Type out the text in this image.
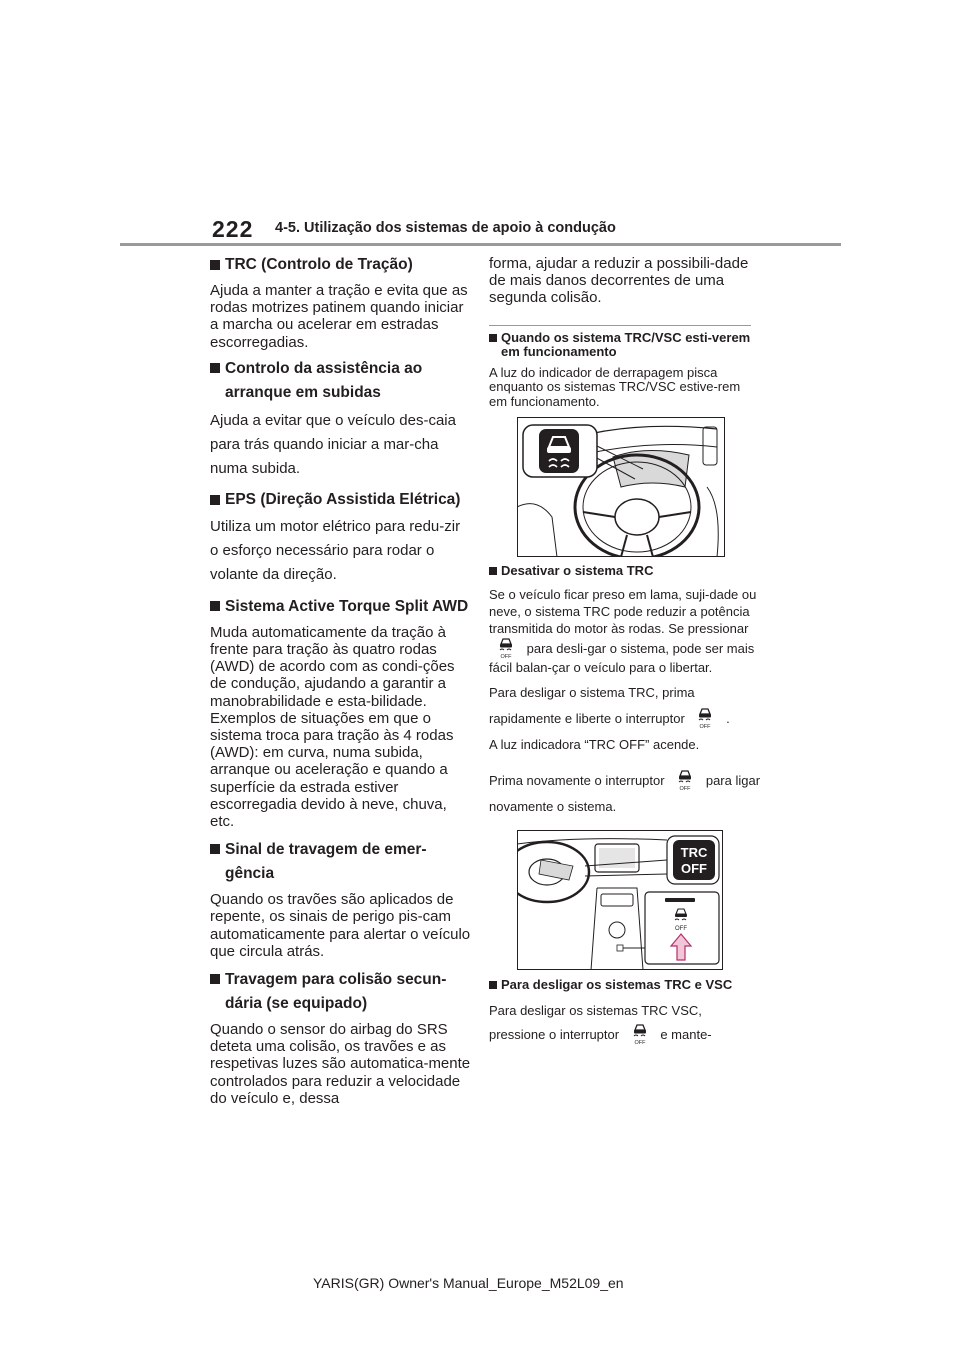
222 4-5. Utilização dos sistemas de apoio à condução

TRC (Controlo de Tração)

Ajuda a manter a tração e evita que as rodas motrizes patinem quando iniciar a marcha ou acelerar em estradas escorregadias.

Controlo da assistência ao arranque em subidas

Ajuda a evitar que o veículo des-caia para trás quando iniciar a mar-cha numa subida.

EPS (Direção Assistida Elétrica)

Utiliza um motor elétrico para redu-zir o esforço necessário para rodar o volante da direção.

Sistema Active Torque Split AWD

Muda automaticamente da tração à frente para tração às quatro rodas (AWD) de acordo com as condi-ções de condução, ajudando a garantir a manobrabilidade e esta-bilidade. Exemplos de situações em que o sistema troca para tração às 4 rodas (AWD): em curva, numa subida, arranque ou aceleração e quando a superfície da estrada estiver escorregadia devido à neve, chuva, etc.

Sinal de travagem de emer-gência

Quando os travões são aplicados de repente, os sinais de perigo pis-cam automaticamente para alertar o veículo que circula atrás.

Travagem para colisão secun-dária (se equipado)

Quando o sensor do airbag do SRS deteta uma colisão, os travões e as respetivas luzes são automatica-mente controlados para reduzir a velocidade do veículo e, dessa

forma, ajudar a reduzir a possibili-dade de mais danos decorrentes de uma segunda colisão.

Quando os sistema TRC/VSC esti-verem em funcionamento

A luz do indicador de derrapagem pisca enquanto os sistemas TRC/VSC estive-rem em funcionamento.

Desativar o sistema TRC

Se o veículo ficar preso em lama, suji-dade ou neve, o sistema TRC pode reduzir a potência transmitida do motor às rodas. Se pressionar
OFF
para desli-gar o sistema, pode ser mais fácil balan-çar o veículo para o libertar.

Para desligar o sistema TRC, prima rapidamente e liberte o interruptor
OFF
.

A luz indicadora “TRC OFF” acende.

Prima novamente o interruptor
OFF
para ligar novamente o sistema.

TRC
OFF
OFF

Para desligar os sistemas TRC e VSC

Para desligar os sistemas TRC VSC, pressione o interruptor
OFF
e mante-

YARIS(GR) Owner's Manual_Europe_M52L09_en
